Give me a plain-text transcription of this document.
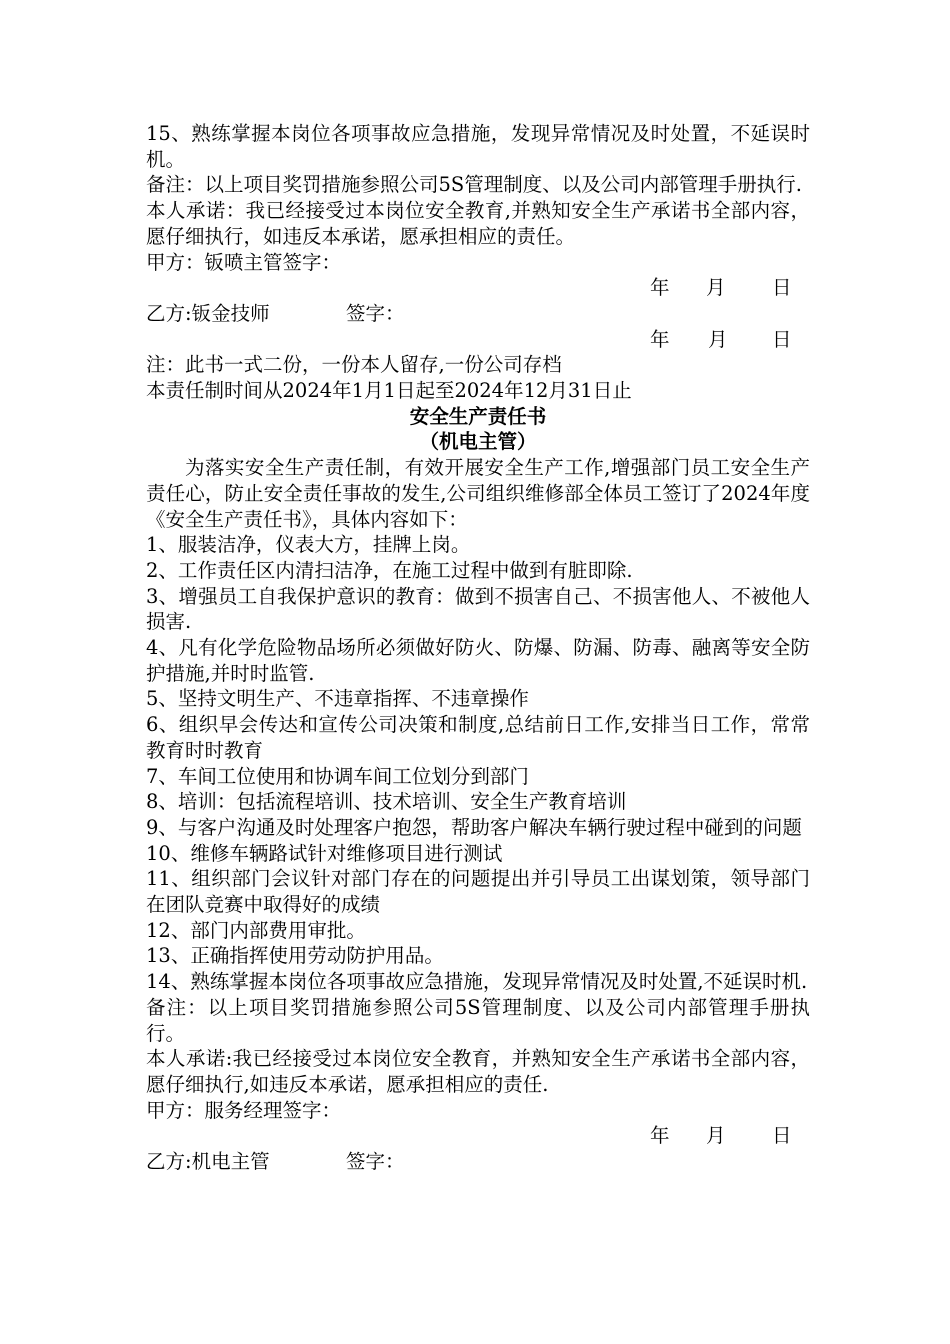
15、熟练掌握本岗位各项事故应急措施，发现异常情况及时处置，不延误时机。

备注：以上项目奖罚措施参照公司5S管理制度、以及公司内部管理手册执行.

本人承诺：我已经接受过本岗位安全教育,并熟知安全生产承诺书全部内容，愿仔细执行，如违反本承诺，愿承担相应的责任。

甲方：钣喷主管签字：

年 月 日
乙方:钣金技师	签字：
年 月 日

注：此书一式二份，一份本人留存,一份公司存档

本责任制时间从2024年1月1日起至2024年12月31日止

安全生产责任书

（机电主管）

为落实安全生产责任制，有效开展安全生产工作,增强部门员工安全生产责任心，防止安全责任事故的发生,公司组织维修部全体员工签订了2024年度《安全生产责任书》，具体内容如下：

1、服装洁净，仪表大方，挂牌上岗。

2、工作责任区内清扫洁净，在施工过程中做到有脏即除.

3、增强员工自我保护意识的教育：做到不损害自己、不损害他人、不被他人损害.

4、凡有化学危险物品场所必须做好防火、防爆、防漏、防毒、融离等安全防护措施,并时时监管.

5、坚持文明生产、不违章指挥、不违章操作

6、组织早会传达和宣传公司决策和制度,总结前日工作,安排当日工作，常常教育时时教育

7、车间工位使用和协调车间工位划分到部门

8、培训：包括流程培训、技术培训、安全生产教育培训

9、与客户沟通及时处理客户抱怨，帮助客户解决车辆行驶过程中碰到的问题

10、维修车辆路试针对维修项目进行测试

11、组织部门会议针对部门存在的问题提出并引导员工出谋划策，领导部门在团队竞赛中取得好的成绩

12、部门内部费用审批。

13、正确指挥使用劳动防护用品。

14、熟练掌握本岗位各项事故应急措施，发现异常情况及时处置,不延误时机.

备注：以上项目奖罚措施参照公司5S管理制度、以及公司内部管理手册执行。

本人承诺:我已经接受过本岗位安全教育，并熟知安全生产承诺书全部内容，愿仔细执行,如违反本承诺，愿承担相应的责任.

甲方：服务经理签字：

年 月 日
乙方:机电主管	签字：
